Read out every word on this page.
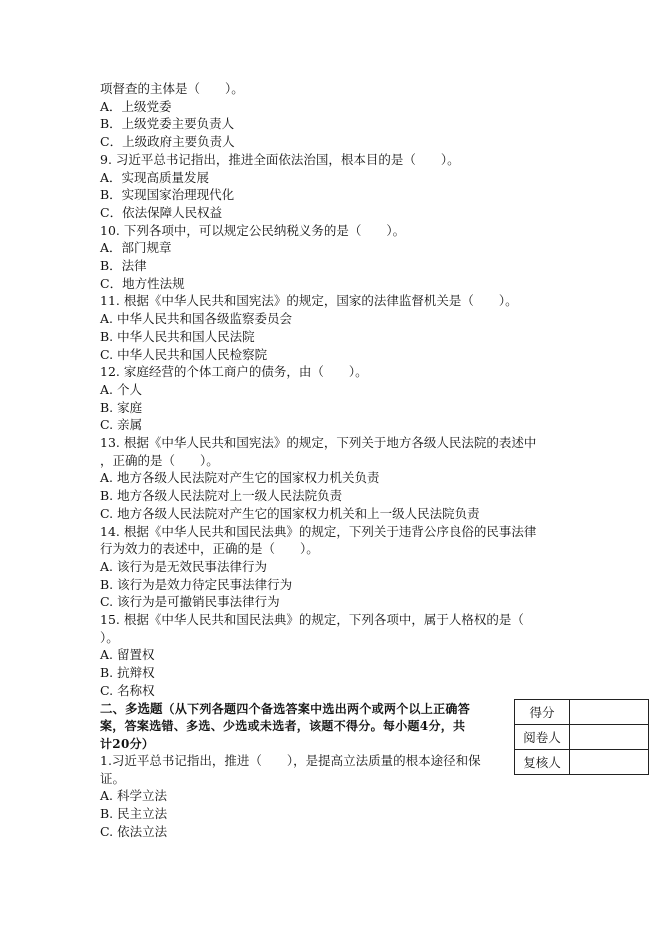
项督查的主体是（　　）。
A．上级党委
B．上级党委主要负责人
C．上级政府主要负责人
9. 习近平总书记指出，推进全面依法治国，根本目的是（　　）。
A．实现高质量发展
B．实现国家治理现代化
C．依法保障人民权益
10. 下列各项中，可以规定公民纳税义务的是（　　）。
A．部门规章
B．法律
C．地方性法规
11. 根据《中华人民共和国宪法》的规定，国家的法律监督机关是（　　）。
A. 中华人民共和国各级监察委员会
B. 中华人民共和国人民法院
C. 中华人民共和国人民检察院
12. 家庭经营的个体工商户的债务，由（　　）。
A. 个人
B. 家庭
C. 亲属
13. 根据《中华人民共和国宪法》的规定，下列关于地方各级人民法院的表述中
，正确的是（　　）。
A. 地方各级人民法院对产生它的国家权力机关负责
B. 地方各级人民法院对上一级人民法院负责
C. 地方各级人民法院对产生它的国家权力机关和上一级人民法院负责
14. 根据《中华人民共和国民法典》的规定，下列关于违背公序良俗的民事法律
行为效力的表述中，正确的是（　　）。
A. 该行为是无效民事法律行为
B. 该行为是效力待定民事法律行为
C. 该行为是可撤销民事法律行为
15. 根据《中华人民共和国民法典》的规定，下列各项中，属于人格权的是（
）。
A. 留置权
B. 抗辩权
C. 名称权
二、多选题（从下列各题四个备选答案中选出两个或两个以上正确答
案，答案选错、多选、少选或未选者，该题不得分。每小题4分，共
计20分）
1.习近平总书记指出，推进（　　），是提高立法质量的根本途径和保
证。
A. 科学立法
B. 民主立法
C. 依法立法
得分	
阅卷人	
复核人	
